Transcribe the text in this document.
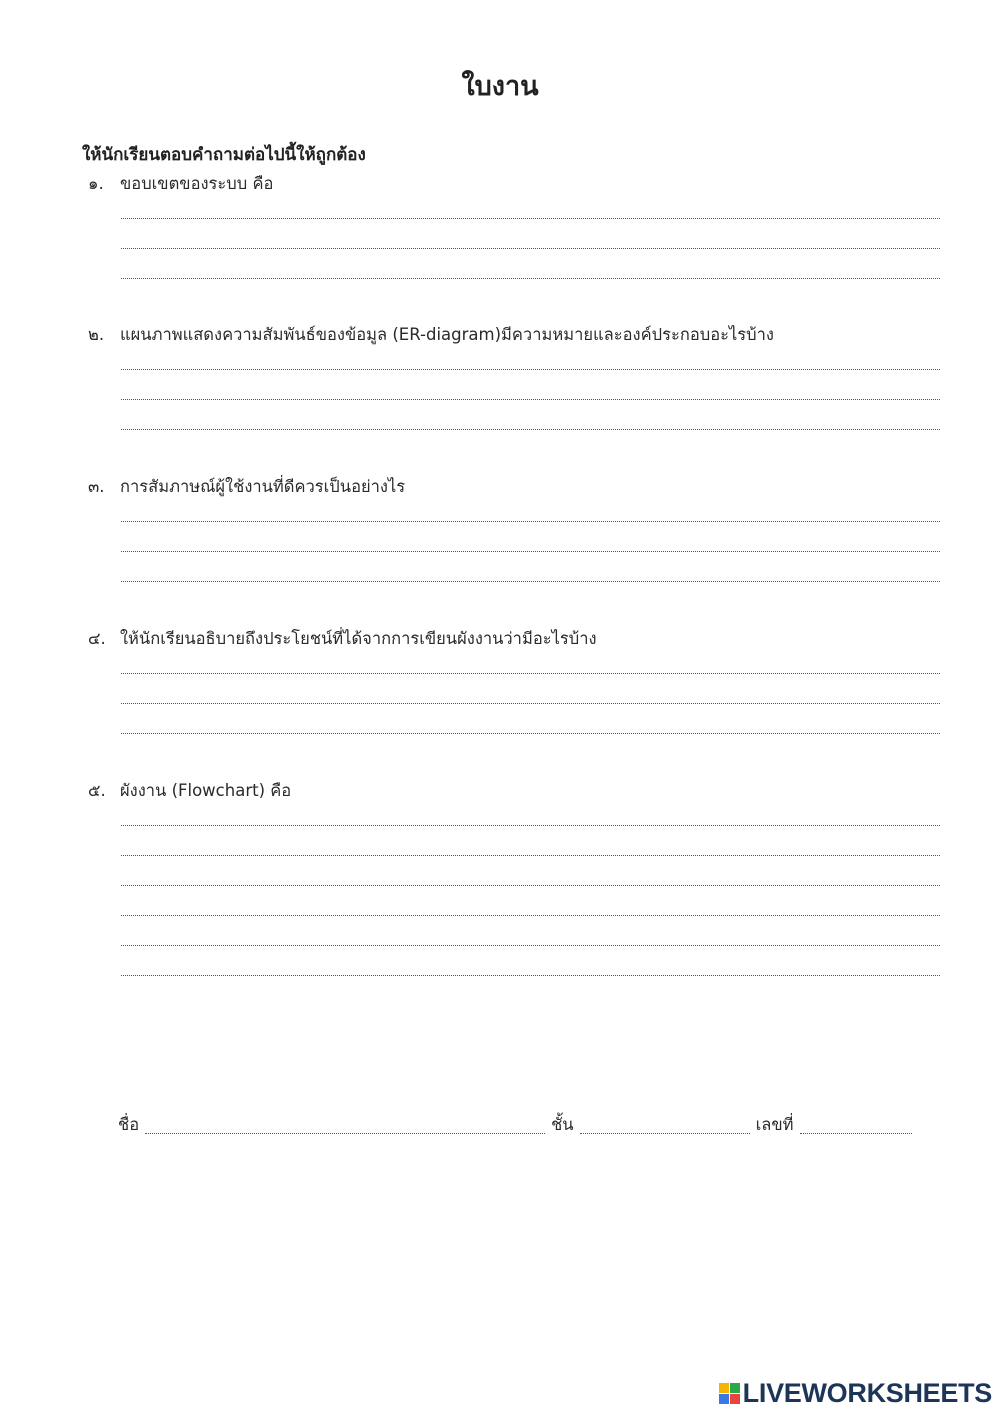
ใบงาน
ให้นักเรียนตอบคำถามต่อไปนี้ให้ถูกต้อง
๑. ขอบเขตของระบบ คือ
๒. แผนภาพแสดงความสัมพันธ์ของข้อมูล (ER-diagram)มีความหมายและองค์ประกอบอะไรบ้าง
๓. การสัมภาษณ์ผู้ใช้งานที่ดีควรเป็นอย่างไร
๔. ให้นักเรียนอธิบายถึงประโยชน์ที่ได้จากการเขียนผังงานว่ามีอะไรบ้าง
๕. ผังงาน (Flowchart) คือ
ชื่อ	ชั้น	เลขที่
LIVEWORKSHEETS
